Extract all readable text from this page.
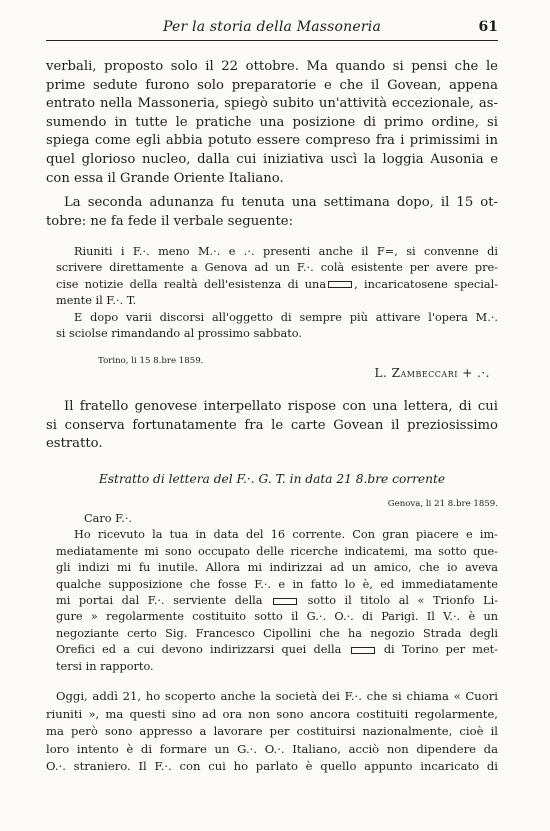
Per la storia della Massoneria	61
verbali, proposto solo il 22 ottobre. Ma quando si pensi che le
prime sedute furono solo preparatorie e che il Govean, appena
entrato nella Massoneria, spiegò subito un'attività eccezionale, as-
sumendo in tutte le pratiche una posizione di primo ordine, si
spiega come egli abbia potuto essere compreso fra i primissimi in
quel glorioso nucleo, dalla cui iniziativa uscì la loggia Ausonia e
con essa il Grande Oriente Italiano.
La seconda adunanza fu tenuta una settimana dopo, il 15 ot-
tobre: ne fa fede il verbale seguente:
Riuniti i F.·. meno M.·. e .·. presenti anche il F=, si convenne di
scrivere direttamente a Genova ad un F.·. colà esistente per avere pre-
cise notizie della realtà dell'esistenza di una , incaricatosene special-
mente il F.·. T.
E dopo varii discorsi all'oggetto di sempre più attivare l'opera M.·.
si sciolse rimandando al prossimo sabbato.
Torino, li 15 8.bre 1859.
L. Zambeccari + .·.
Il fratello genovese interpellato rispose con una lettera, di cui
si conserva fortunatamente fra le carte Govean il preziosissimo
estratto.
Estratto di lettera del F.·. G. T. in data 21 8.bre corrente
Genova, li 21 8.bre 1859.

Caro F.·.

Ho ricevuto la tua in data del 16 corrente. Con gran piacere e im-
mediatamente mi sono occupato delle ricerche indicatemi, ma sotto que-
gli indizi mi fu inutile. Allora mi indirizzai ad un amico, che io aveva
qualche supposizione che fosse F.·. e in fatto lo è, ed immediatamente
mi portai dal F.·. serviente della	sotto il titolo al « Trionfo Li-
gure » regolarmente costituito sotto il G.·. O.·. di Parigi. Il V.·. è un
negoziante certo Sig. Francesco Cipollini che ha negozio Strada degli
Orefici ed a cui devono indirizzarsi quei della	di Torino per met-
tersi in rapporto.
Oggi, addì 21, ho scoperto anche la società dei F.·. che si chiama « Cuori
riuniti », ma questi sino ad ora non sono ancora costituiti regolarmente,
ma però sono appresso a lavorare per costituirsi nazionalmente, cioè il
loro intento è di formare un G.·. O.·. Italiano, acciò non dipendere da
O.·. straniero. Il F.·. con cui ho parlato è quello appunto incaricato di
